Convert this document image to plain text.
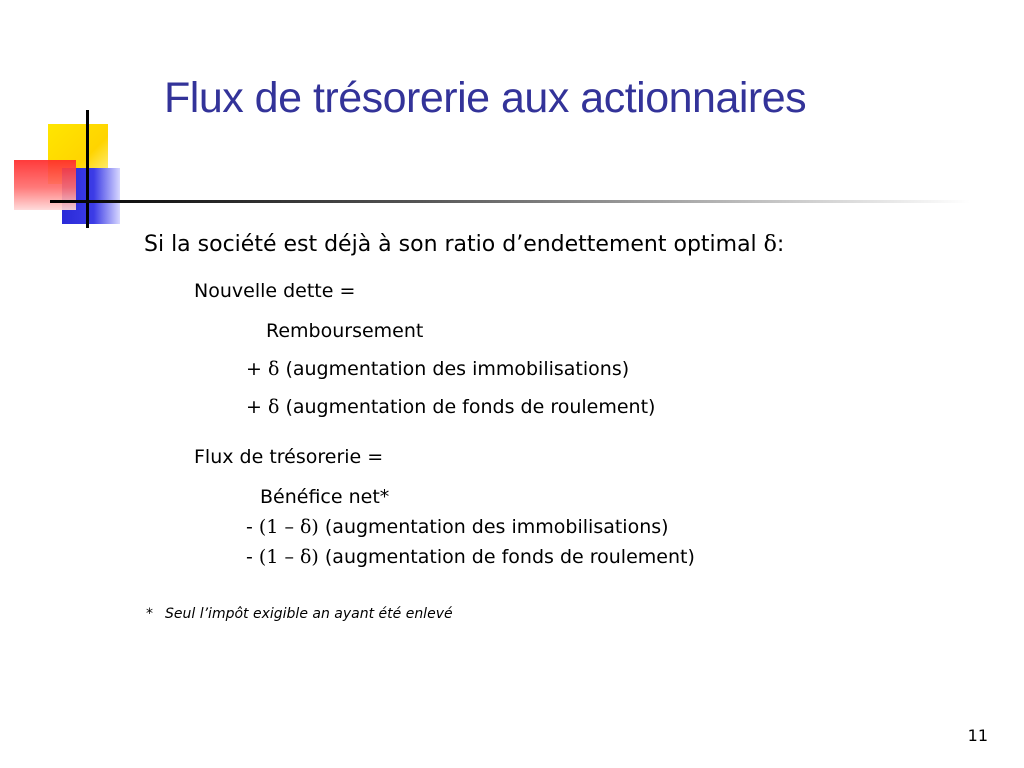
Flux de trésorerie aux actionnaires
Si la société est déjà à son ratio d’endettement optimal δ:
Nouvelle dette =
Remboursement
+ δ (augmentation des immobilisations)
+ δ (augmentation de fonds de roulement)
Flux de trésorerie =
Bénéfice net*
- (1 – δ) (augmentation des immobilisations)
- (1 – δ) (augmentation de fonds de roulement)
* Seul l’impôt exigible an ayant été enlevé
11
